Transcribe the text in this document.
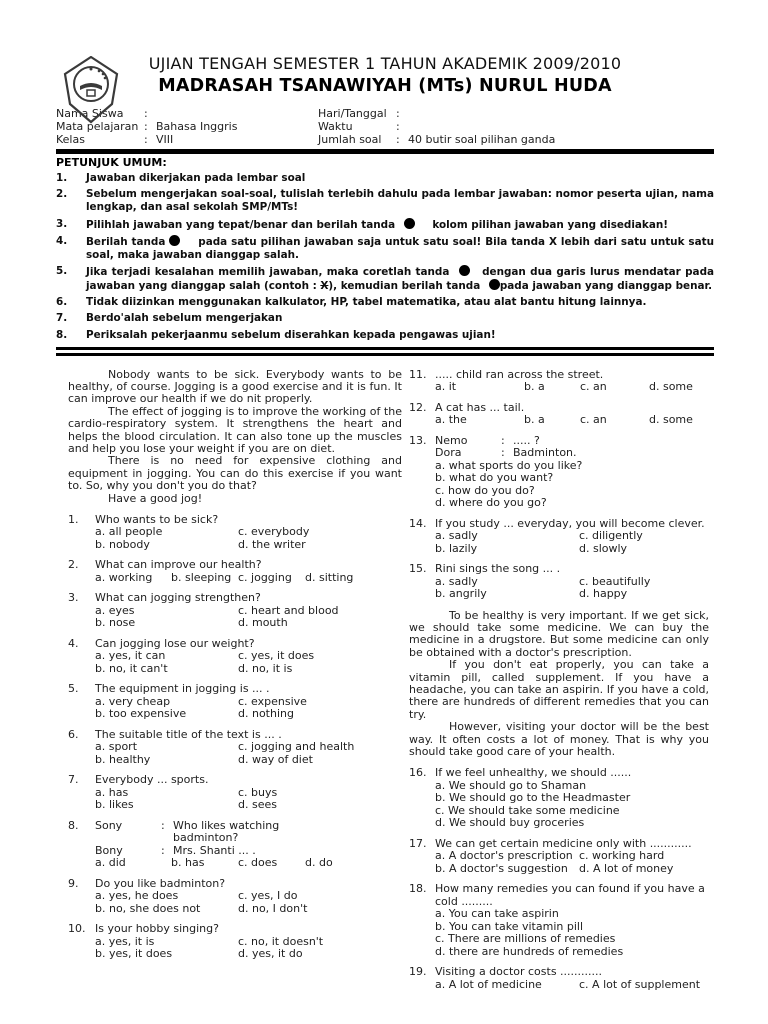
UJIAN TENGAH SEMESTER 1 TAHUN AKADEMIK 2009/2010
MADRASAH TSANAWIYAH (MTs) NURUL HUDA
Nama Siswa	:
Mata pelajaran : Bahasa Inggris
Kelas	: VIII
Hari/Tanggal :
Waktu	:
Jumlah soal	: 40 butir soal pilihan ganda
PETUNJUK UMUM:
1.	Jawaban dikerjakan pada lembar soal
2.	Sebelum mengerjakan soal-soal, tulislah terlebih dahulu pada lembar jawaban: nomor peserta ujian, nama lengkap, dan asal sekolah SMP/MTs!
3.	Pilihlah jawaban yang tepat/benar dan berilah tanda	kolom pilihan jawaban yang disediakan!
4.	Berilah tanda	pada satu pilihan jawaban saja untuk satu soal! Bila tanda X lebih dari satu untuk satu soal, maka jawaban dianggap salah.
5.	Jika terjadi kesalahan memilih jawaban, maka coretlah tanda	dengan dua garis lurus mendatar pada jawaban yang dianggap salah (contoh : X), kemudian berilah tanda pada jawaban yang dianggap benar.
6.	Tidak diizinkan menggunakan kalkulator, HP, tabel matematika, atau alat bantu hitung lainnya.
7.	Berdo'alah sebelum mengerjakan
8.	Periksalah pekerjaanmu sebelum diserahkan kepada pengawas ujian!

Nobody wants to be sick. Everybody wants to be healthy, of course. Jogging is a good exercise and it is fun. It can improve our health if we do nit properly.

The effect of jogging is to improve the working of the cardio-respiratory system. It strengthens the heart and helps the blood circulation. It can also tone up the muscles and help you lose your weight if you are on diet.

There is no need for expensive clothing and equipment in jogging. You can do this exercise if you want to. So, why you don't you do that?

Have a good jog!
1.	Who wants to be sick?
a. all people	c. everybody
b. nobody	d. the writer
2.	What can improve our health?
a. working	b. sleeping c. jogging	d. sitting
3.	What can jogging strengthen?
a. eyes	c. heart and blood
b. nose	d. mouth
4.	Can jogging lose our weight?
a. yes, it can	c. yes, it does
b. no, it can't	d. no, it is
5.	The equipment in jogging is ... .
a. very cheap	c. expensive
b. too expensive	d. nothing
6.	The suitable title of the text is ... .
a. sport	c. jogging and health
b. healthy	d. way of diet
7.	Everybody ... sports.
a. has	c. buys
b. likes	d. sees
8.	Sony	: Who likes watching
badminton?
Bony	: Mrs. Shanti ... .
a. did	b. has	c. does	d. do
9.	Do you like badminton?
a. yes, he does	c. yes, I do
b. no, she does not	d. no, I don't
10. Is your hobby singing?
a. yes, it is	c. no, it doesn't
b. yes, it does	d. yes, it do
11. ..... child ran across the street.
a. it	b. a	c. an	d. some
12. A cat has ... tail.
a. the	b. a	c. an	d. some
13. Nemo	: ..... ?
Dora	: Badminton.
a. what sports do you like?
b. what do you want?
c. how do you do?
d. where do you go?
14. If you study ... everyday, you will become clever.
a. sadly	c. diligently
b. lazily	d. slowly
15. Rini sings the song ... .
a. sadly	c. beautifully
b. angrily	d. happy

To be healthy is very important. If we get sick, we should take some medicine. We can buy the medicine in a drugstore. But some medicine can only be obtained with a doctor's prescription.

If you don't eat properly, you can take a vitamin pill, called supplement. If you have a headache, you can take an aspirin. If you have a cold, there are hundreds of different remedies that you can try.

However, visiting your doctor will be the best way. It often costs a lot of money. That is why you should take good care of your health.

16. If we feel unhealthy, we should ......
a. We should go to Shaman
b. We should go to the Headmaster
c. We should take some medicine
d. We should buy groceries
17. We can get certain medicine only with ............
a. A doctor's prescription c. working hard
b. A doctor's suggestion	d. A lot of money
18. How many remedies you can found if you have a
cold .........
a. You can take aspirin
b. You can take vitamin pill
c. There are millions of remedies
d. there are hundreds of remedies
19. Visiting a doctor costs ............
a. A lot of medicine	c. A lot of supplement
